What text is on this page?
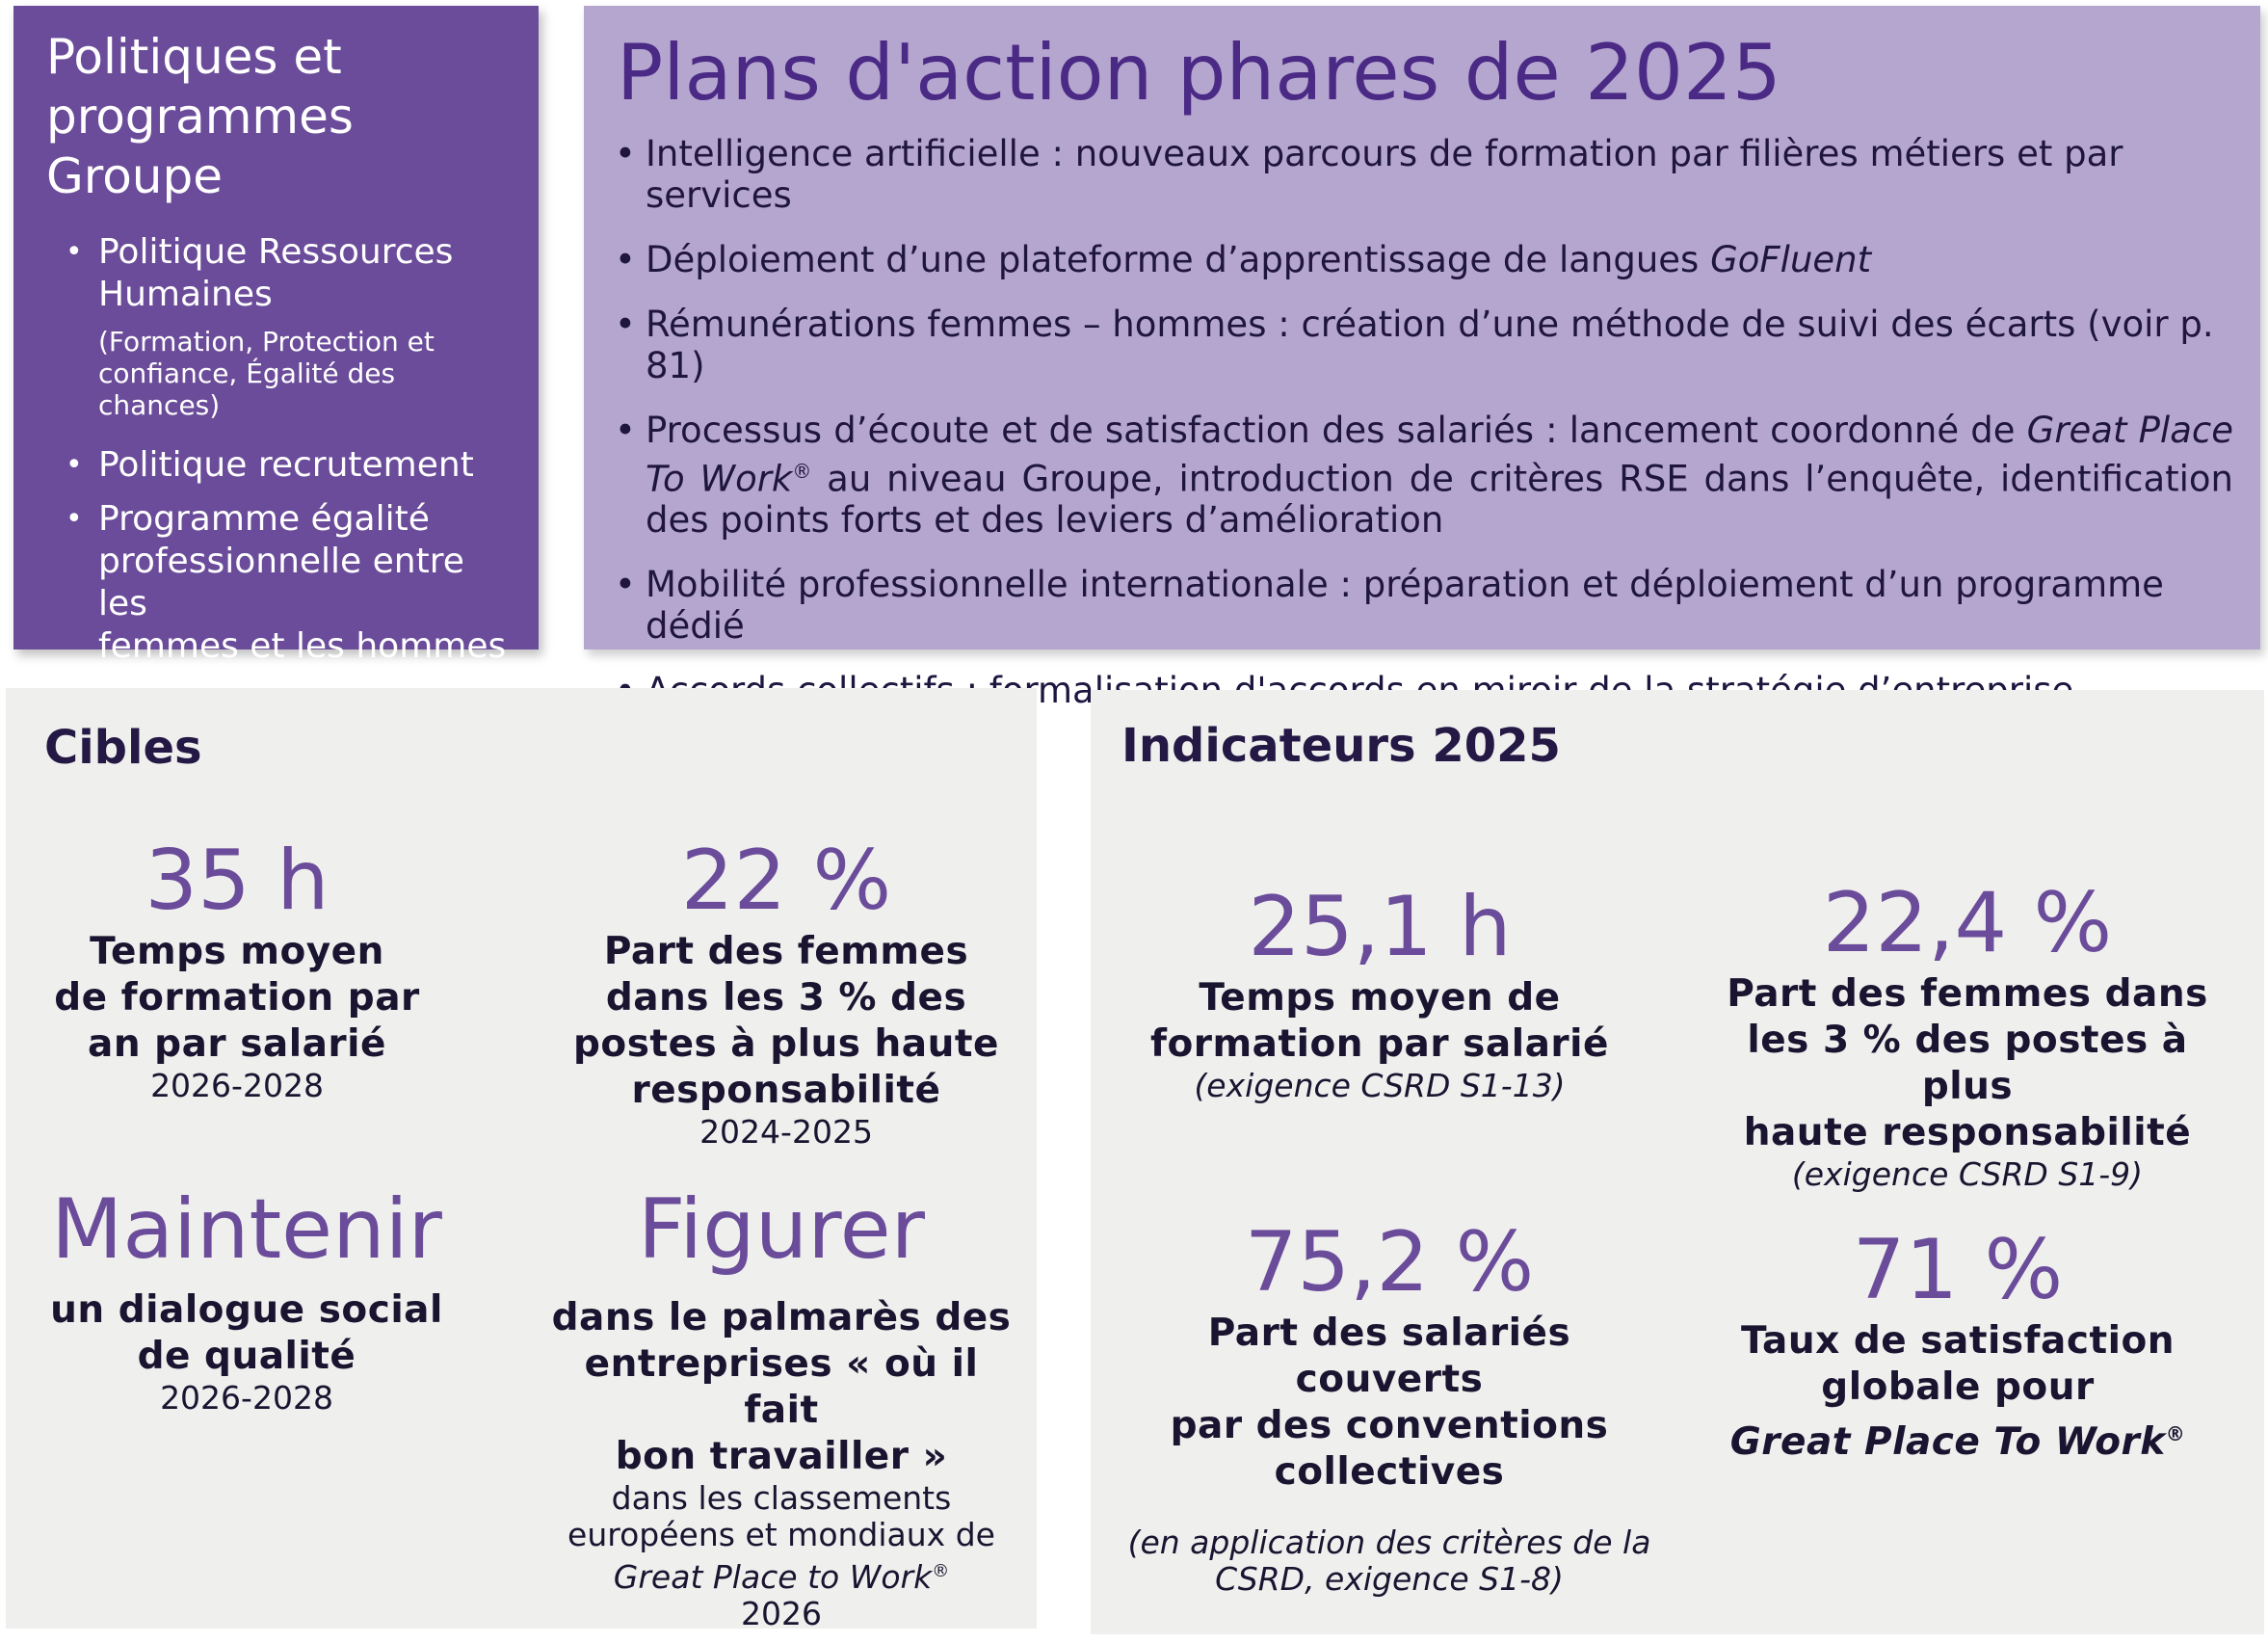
Politiques et
programmes
Groupe
• Politique Ressources
Humaines
(Formation, Protection et
confiance, Égalité des chances)
• Politique recrutement
• Programme égalité
professionnelle entre les
femmes et les hommes
Plans d'action phares de 2025
• Intelligence artificielle : nouveaux parcours de formation par filières métiers et par services
• Déploiement d’une plateforme d’apprentissage de langues GoFluent
• Rémunérations femmes – hommes : création d’une méthode de suivi des écarts (voir p. 81)
• Processus d’écoute et de satisfaction des salariés : lancement coordonné de Great Place To Work® au niveau Groupe, introduction de critères RSE dans l’enquête, identification des points forts et des leviers d’amélioration
• Mobilité professionnelle internationale : préparation et déploiement d’un programme dédié
Cibles
35 h
Temps moyen
de formation par
an par salarié
2026-2028
22 %
Part des femmes
dans les 3 % des
postes à plus haute
responsabilité
2024-2025
Maintenir
un dialogue social
de qualité
2026-2028
Figurer
dans le palmarès des
entreprises « où il fait
bon travailler »
dans les classements
européens et mondiaux de
Great Place to Work®
2026
Indicateurs 2025
25,1 h
Temps moyen de
formation par salarié
(exigence CSRD S1-13)
22,4 %
Part des femmes dans
les 3 % des postes à plus
haute responsabilité
(exigence CSRD S1-9)
75,2 %
Part des salariés couverts
par des conventions
collectives
(en application des critères de la
CSRD, exigence S1-8)
71 %
Taux de satisfaction
globale pour
Great Place To Work®
